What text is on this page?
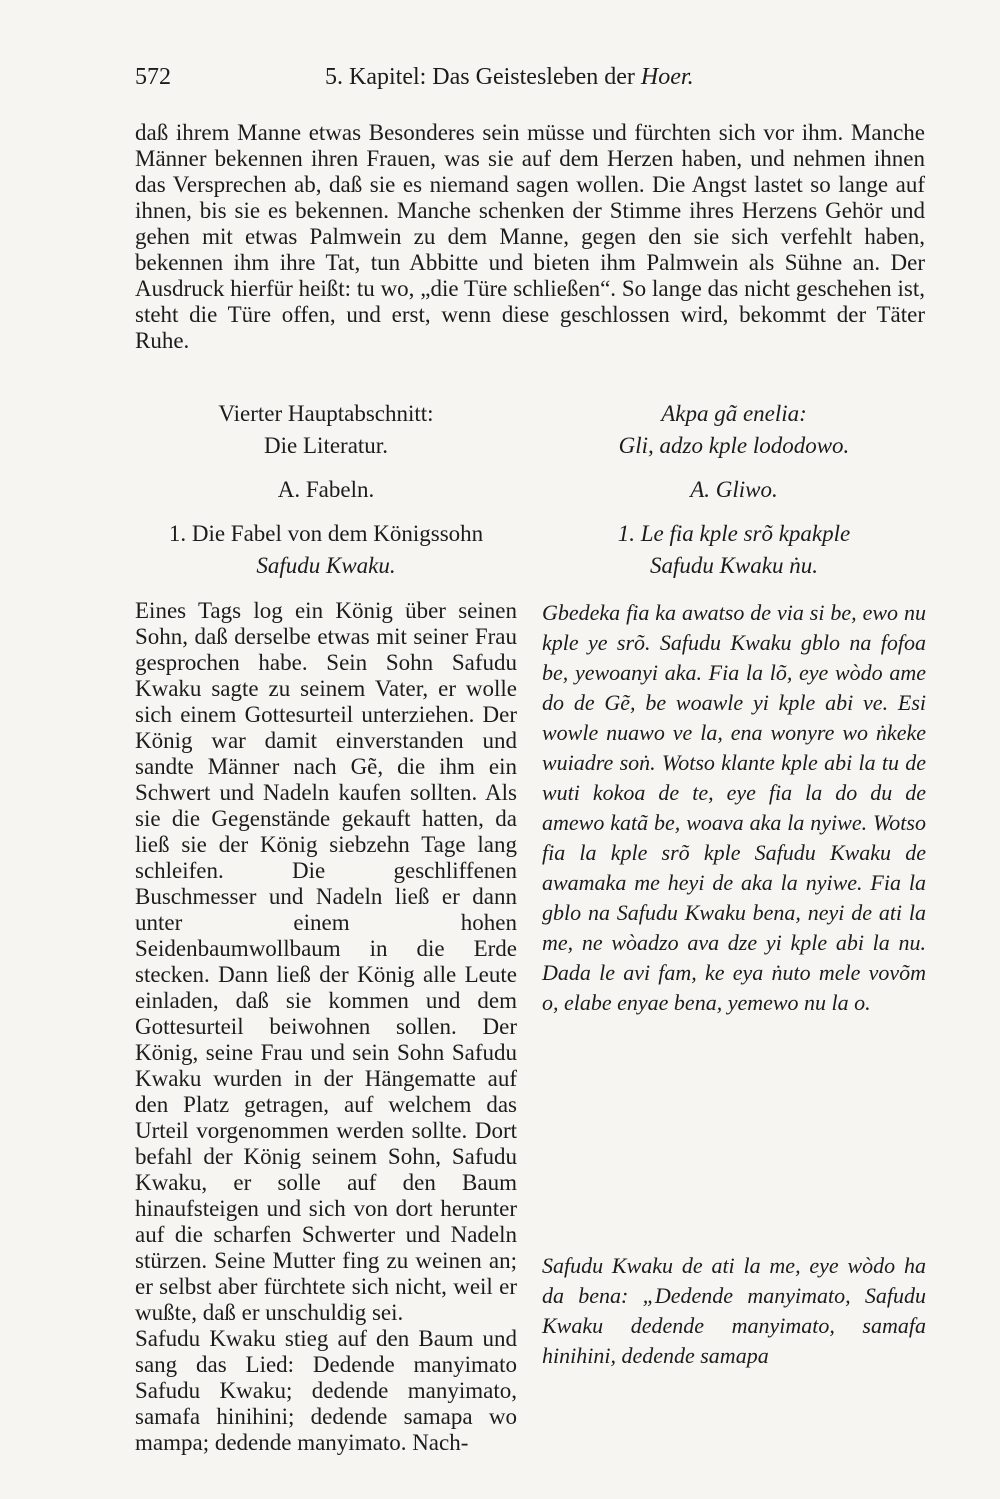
572	5. Kapitel: Das Geistesleben der Hoer.

daß ihrem Manne etwas Besonderes sein müsse und fürchten sich vor ihm. Manche Männer bekennen ihren Frauen, was sie auf dem Herzen haben, und nehmen ihnen das Versprechen ab, daß sie es niemand sagen wollen. Die Angst lastet so lange auf ihnen, bis sie es bekennen. Manche schenken der Stimme ihres Herzens Gehör und gehen mit etwas Palmwein zu dem Manne, gegen den sie sich verfehlt haben, bekennen ihm ihre Tat, tun Abbitte und bieten ihm Palmwein als Sühne an. Der Ausdruck hierfür heißt: tu wo, „die Türe schließen“. So lange das nicht geschehen ist, steht die Türe offen, und erst, wenn diese geschlossen wird, bekommt der Täter Ruhe.

Vierter Hauptabschnitt:

Die Literatur.

A. Fabeln.

1. Die Fabel von dem Königssohn

Safudu Kwaku.

Eines Tags log ein König über seinen Sohn, daß derselbe etwas mit seiner Frau gesprochen habe. Sein Sohn Safudu Kwaku sagte zu seinem Vater, er wolle sich einem Gottesurteil unterziehen. Der König war damit einverstanden und sandte Männer nach Gẽ, die ihm ein Schwert und Nadeln kaufen sollten. Als sie die Gegenstände gekauft hatten, da ließ sie der König siebzehn Tage lang schleifen. Die geschliffenen Buschmesser und Nadeln ließ er dann unter einem hohen Seidenbaumwollbaum in die Erde stecken. Dann ließ der König alle Leute einladen, daß sie kommen und dem Gottesurteil beiwohnen sollen. Der König, seine Frau und sein Sohn Safudu Kwaku wurden in der Hängematte auf den Platz getragen, auf welchem das Urteil vorgenommen werden sollte. Dort befahl der König seinem Sohn, Safudu Kwaku, er solle auf den Baum hinaufsteigen und sich von dort herunter auf die scharfen Schwerter und Nadeln stürzen. Seine Mutter fing zu weinen an; er selbst aber fürchtete sich nicht, weil er wußte, daß er unschuldig sei.

Safudu Kwaku stieg auf den Baum und sang das Lied: Dedende manyimato Safudu Kwaku; dedende manyimato, samafa hinihini; dedende samapa wo mampa; dedende manyimato. Nach-

Akpa gã enelia:

Gli, adzo kple lododowo.

A. Gliwo.

1. Le fia kple srõ kpakple

Safudu Kwaku ṅu.

Gbedeka fia ka awatso de via si be, ewo nu kple ye srõ. Safudu Kwaku gblo na fofoa be, yewoanyi aka. Fia la lõ, eye wòdo ame do de Gẽ, be woawle yi kple abi ve. Esi wowle nuawo ve la, ena wonyre wo ṅkeke wuiadre soṅ. Wotso klante kple abi la tu de wuti kokoa de te, eye fia la do du de amewo katã be, woava aka la nyiwe. Wotso fia la kple srõ kple Safudu Kwaku de awamaka me heyi de aka la nyiwe. Fia la gblo na Safudu Kwaku bena, neyi de ati la me, ne wòadzo ava dze yi kple abi la nu. Dada le avi fam, ke eya ṅuto mele vovõm o, elabe enyae bena, yemewo nu la o.

Safudu Kwaku de ati la me, eye wòdo ha da bena: „Dedende manyimato, Safudu Kwaku dedende manyimato, samafa hinihini, dedende samapa
